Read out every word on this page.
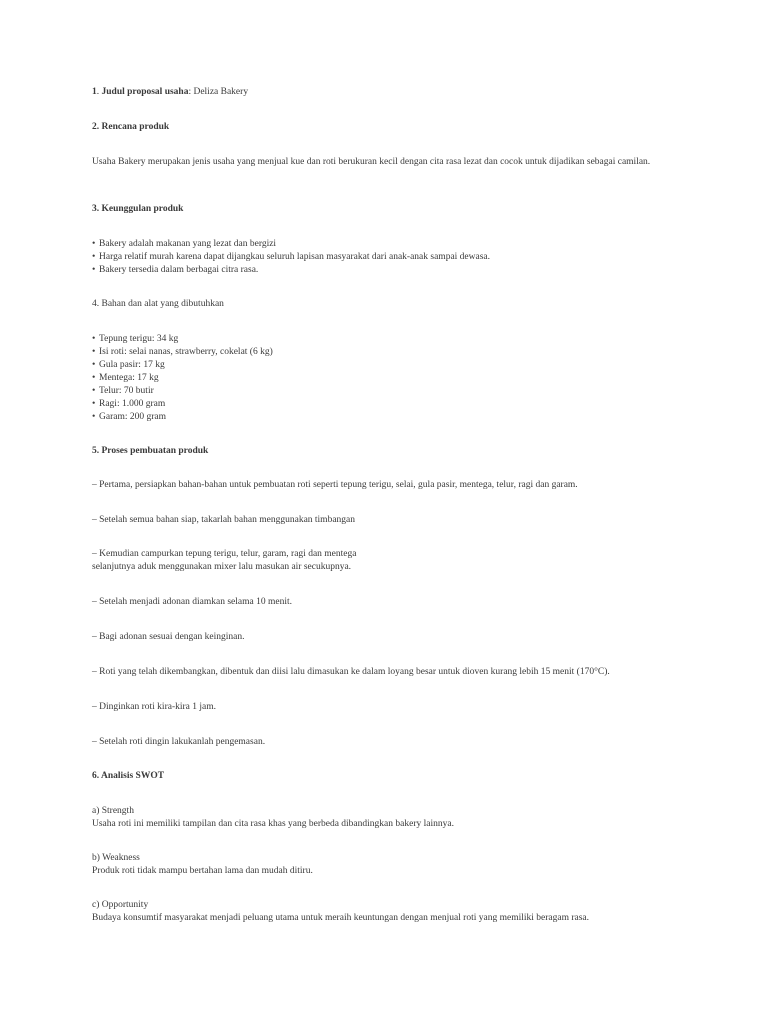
1. Judul proposal usaha: Deliza Bakery

2. Rencana produk

Usaha Bakery merupakan jenis usaha yang menjual kue dan roti berukuran kecil dengan cita rasa lezat dan cocok untuk dijadikan sebagai camilan.

3. Keunggulan produk

• Bakery adalah makanan yang lezat dan bergizi

• Harga relatif murah karena dapat dijangkau seluruh lapisan masyarakat dari anak-anak sampai dewasa.

• Bakery tersedia dalam berbagai citra rasa.

4. Bahan dan alat yang dibutuhkan

• Tepung terigu: 34 kg

• Isi roti: selai nanas, strawberry, cokelat (6 kg)

• Gula pasir: 17 kg

• Mentega: 17 kg

• Telur: 70 butir

• Ragi: 1.000 gram

• Garam: 200 gram

5. Proses pembuatan produk

– Pertama, persiapkan bahan-bahan untuk pembuatan roti seperti tepung terigu, selai, gula pasir, mentega, telur, ragi dan garam.

– Setelah semua bahan siap, takarlah bahan menggunakan timbangan

– Kemudian campurkan tepung terigu, telur, garam, ragi dan mentega

selanjutnya aduk menggunakan mixer lalu masukan air secukupnya.

– Setelah menjadi adonan diamkan selama 10 menit.

– Bagi adonan sesuai dengan keinginan.

– Roti yang telah dikembangkan, dibentuk dan diisi lalu dimasukan ke dalam loyang besar untuk dioven kurang lebih 15 menit (170°C).

– Dinginkan roti kira-kira 1 jam.

– Setelah roti dingin lakukanlah pengemasan.

6. Analisis SWOT

a) Strength

Usaha roti ini memiliki tampilan dan cita rasa khas yang berbeda dibandingkan bakery lainnya.

b) Weakness

Produk roti tidak mampu bertahan lama dan mudah ditiru.

c) Opportunity

Budaya konsumtif masyarakat menjadi peluang utama untuk meraih keuntungan dengan menjual roti yang memiliki beragam rasa.
